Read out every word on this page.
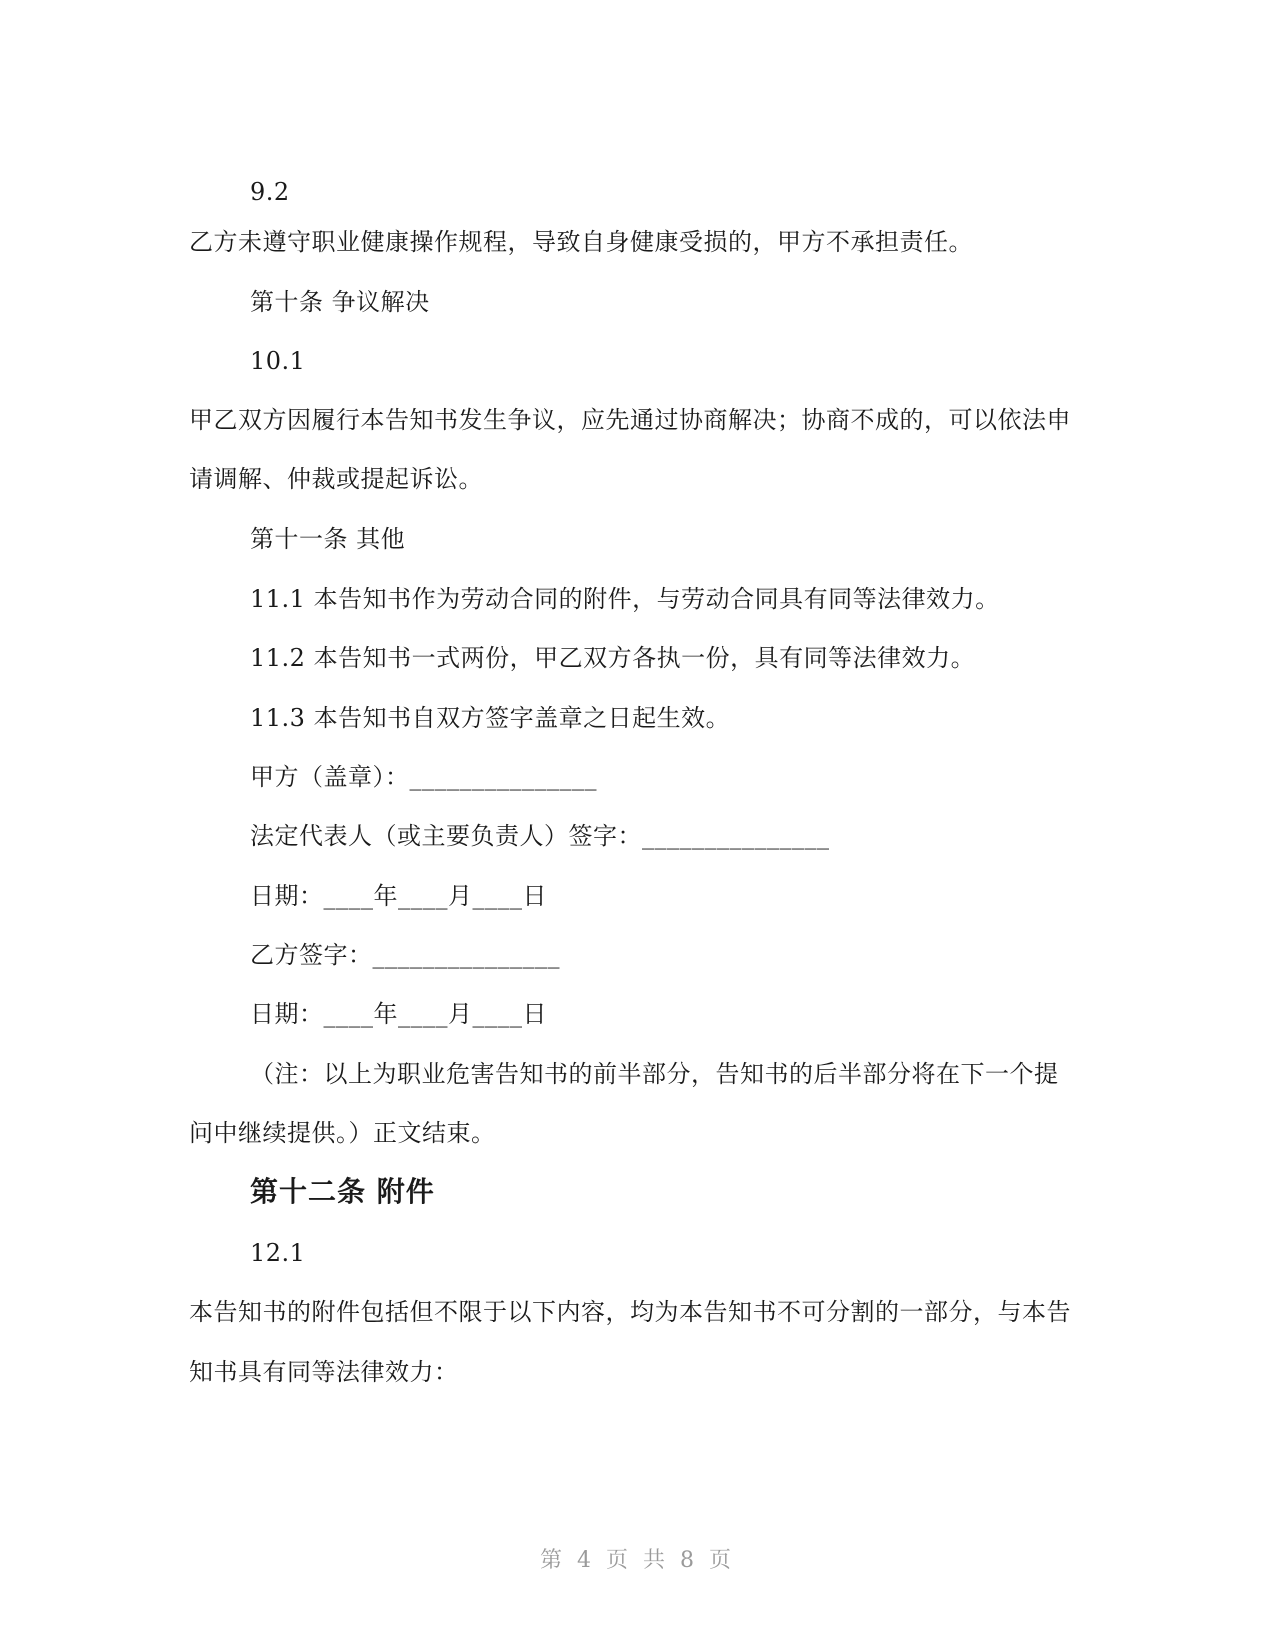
9.2
乙方未遵守职业健康操作规程，导致自身健康受损的，甲方不承担责任。
第十条 争议解决
10.1
甲乙双方因履行本告知书发生争议，应先通过协商解决；协商不成的，可以依法申
请调解、仲裁或提起诉讼。
第十一条 其他
11.1 本告知书作为劳动合同的附件，与劳动合同具有同等法律效力。
11.2 本告知书一式两份，甲乙双方各执一份，具有同等法律效力。
11.3 本告知书自双方签字盖章之日起生效。
甲方（盖章）：_______________
法定代表人（或主要负责人）签字：_______________
日期：____年____月____日
乙方签字：_______________
日期：____年____月____日
（注：以上为职业危害告知书的前半部分，告知书的后半部分将在下一个提
问中继续提供。）正文结束。
第十二条 附件
12.1
本告知书的附件包括但不限于以下内容，均为本告知书不可分割的一部分，与本告
知书具有同等法律效力：
第 4 页 共 8 页
